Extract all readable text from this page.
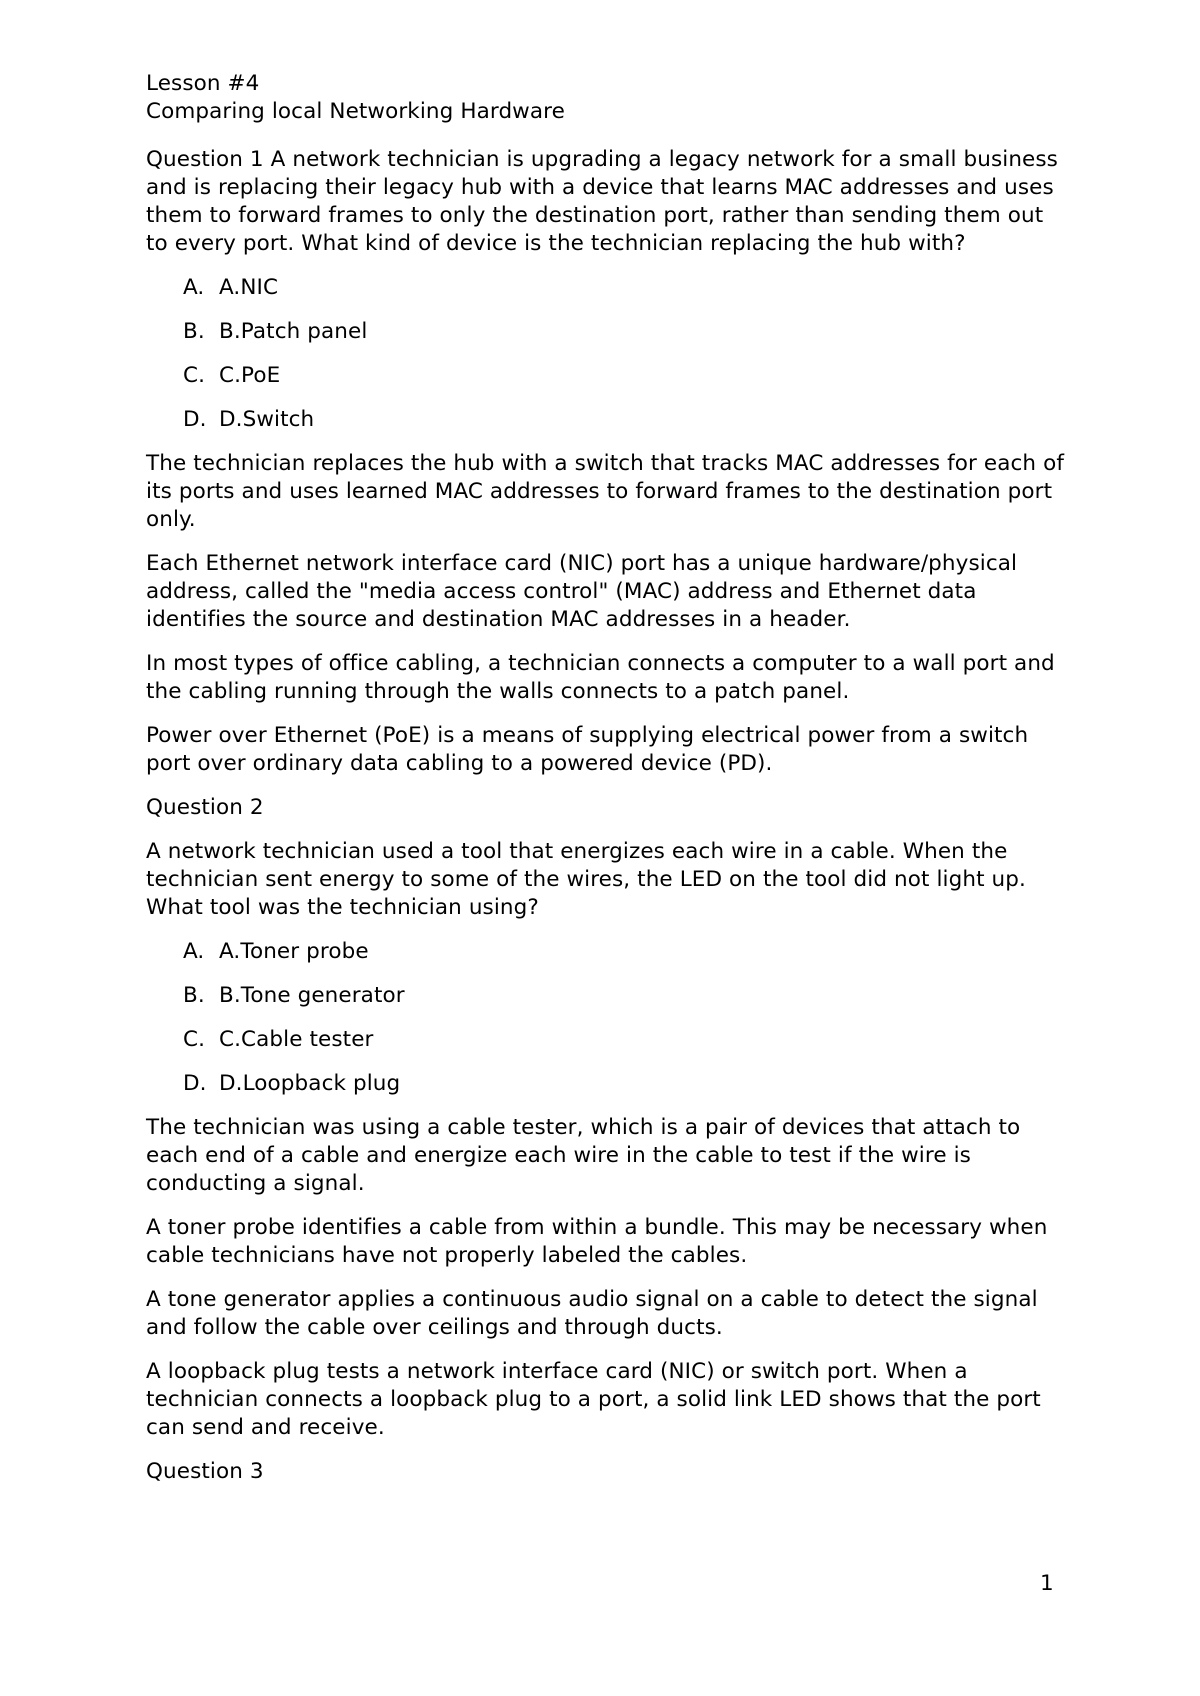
Lesson #4

Comparing local Networking Hardware

Question 1 A network technician is upgrading a legacy network for a small business and is replacing their legacy hub with a device that learns MAC addresses and uses them to forward frames to only the destination port, rather than sending them out to every port. What kind of device is the technician replacing the hub with?

A. A.NIC
B. B.Patch panel
C. C.PoE
D. D.Switch

The technician replaces the hub with a switch that tracks MAC addresses for each of its ports and uses learned MAC addresses to forward frames to the destination port only.

Each Ethernet network interface card (NIC) port has a unique hardware/physical address, called the "media access control" (MAC) address and Ethernet data identifies the source and destination MAC addresses in a header.

In most types of office cabling, a technician connects a computer to a wall port and the cabling running through the walls connects to a patch panel.

Power over Ethernet (PoE) is a means of supplying electrical power from a switch port over ordinary data cabling to a powered device (PD).

Question 2

A network technician used a tool that energizes each wire in a cable. When the technician sent energy to some of the wires, the LED on the tool did not light up. What tool was the technician using?

A. A.Toner probe
B. B.Tone generator
C. C.Cable tester
D. D.Loopback plug

The technician was using a cable tester, which is a pair of devices that attach to each end of a cable and energize each wire in the cable to test if the wire is conducting a signal.

A toner probe identifies a cable from within a bundle. This may be necessary when cable technicians have not properly labeled the cables.

A tone generator applies a continuous audio signal on a cable to detect the signal and follow the cable over ceilings and through ducts.

A loopback plug tests a network interface card (NIC) or switch port. When a technician connects a loopback plug to a port, a solid link LED shows that the port can send and receive.

Question 3

1
